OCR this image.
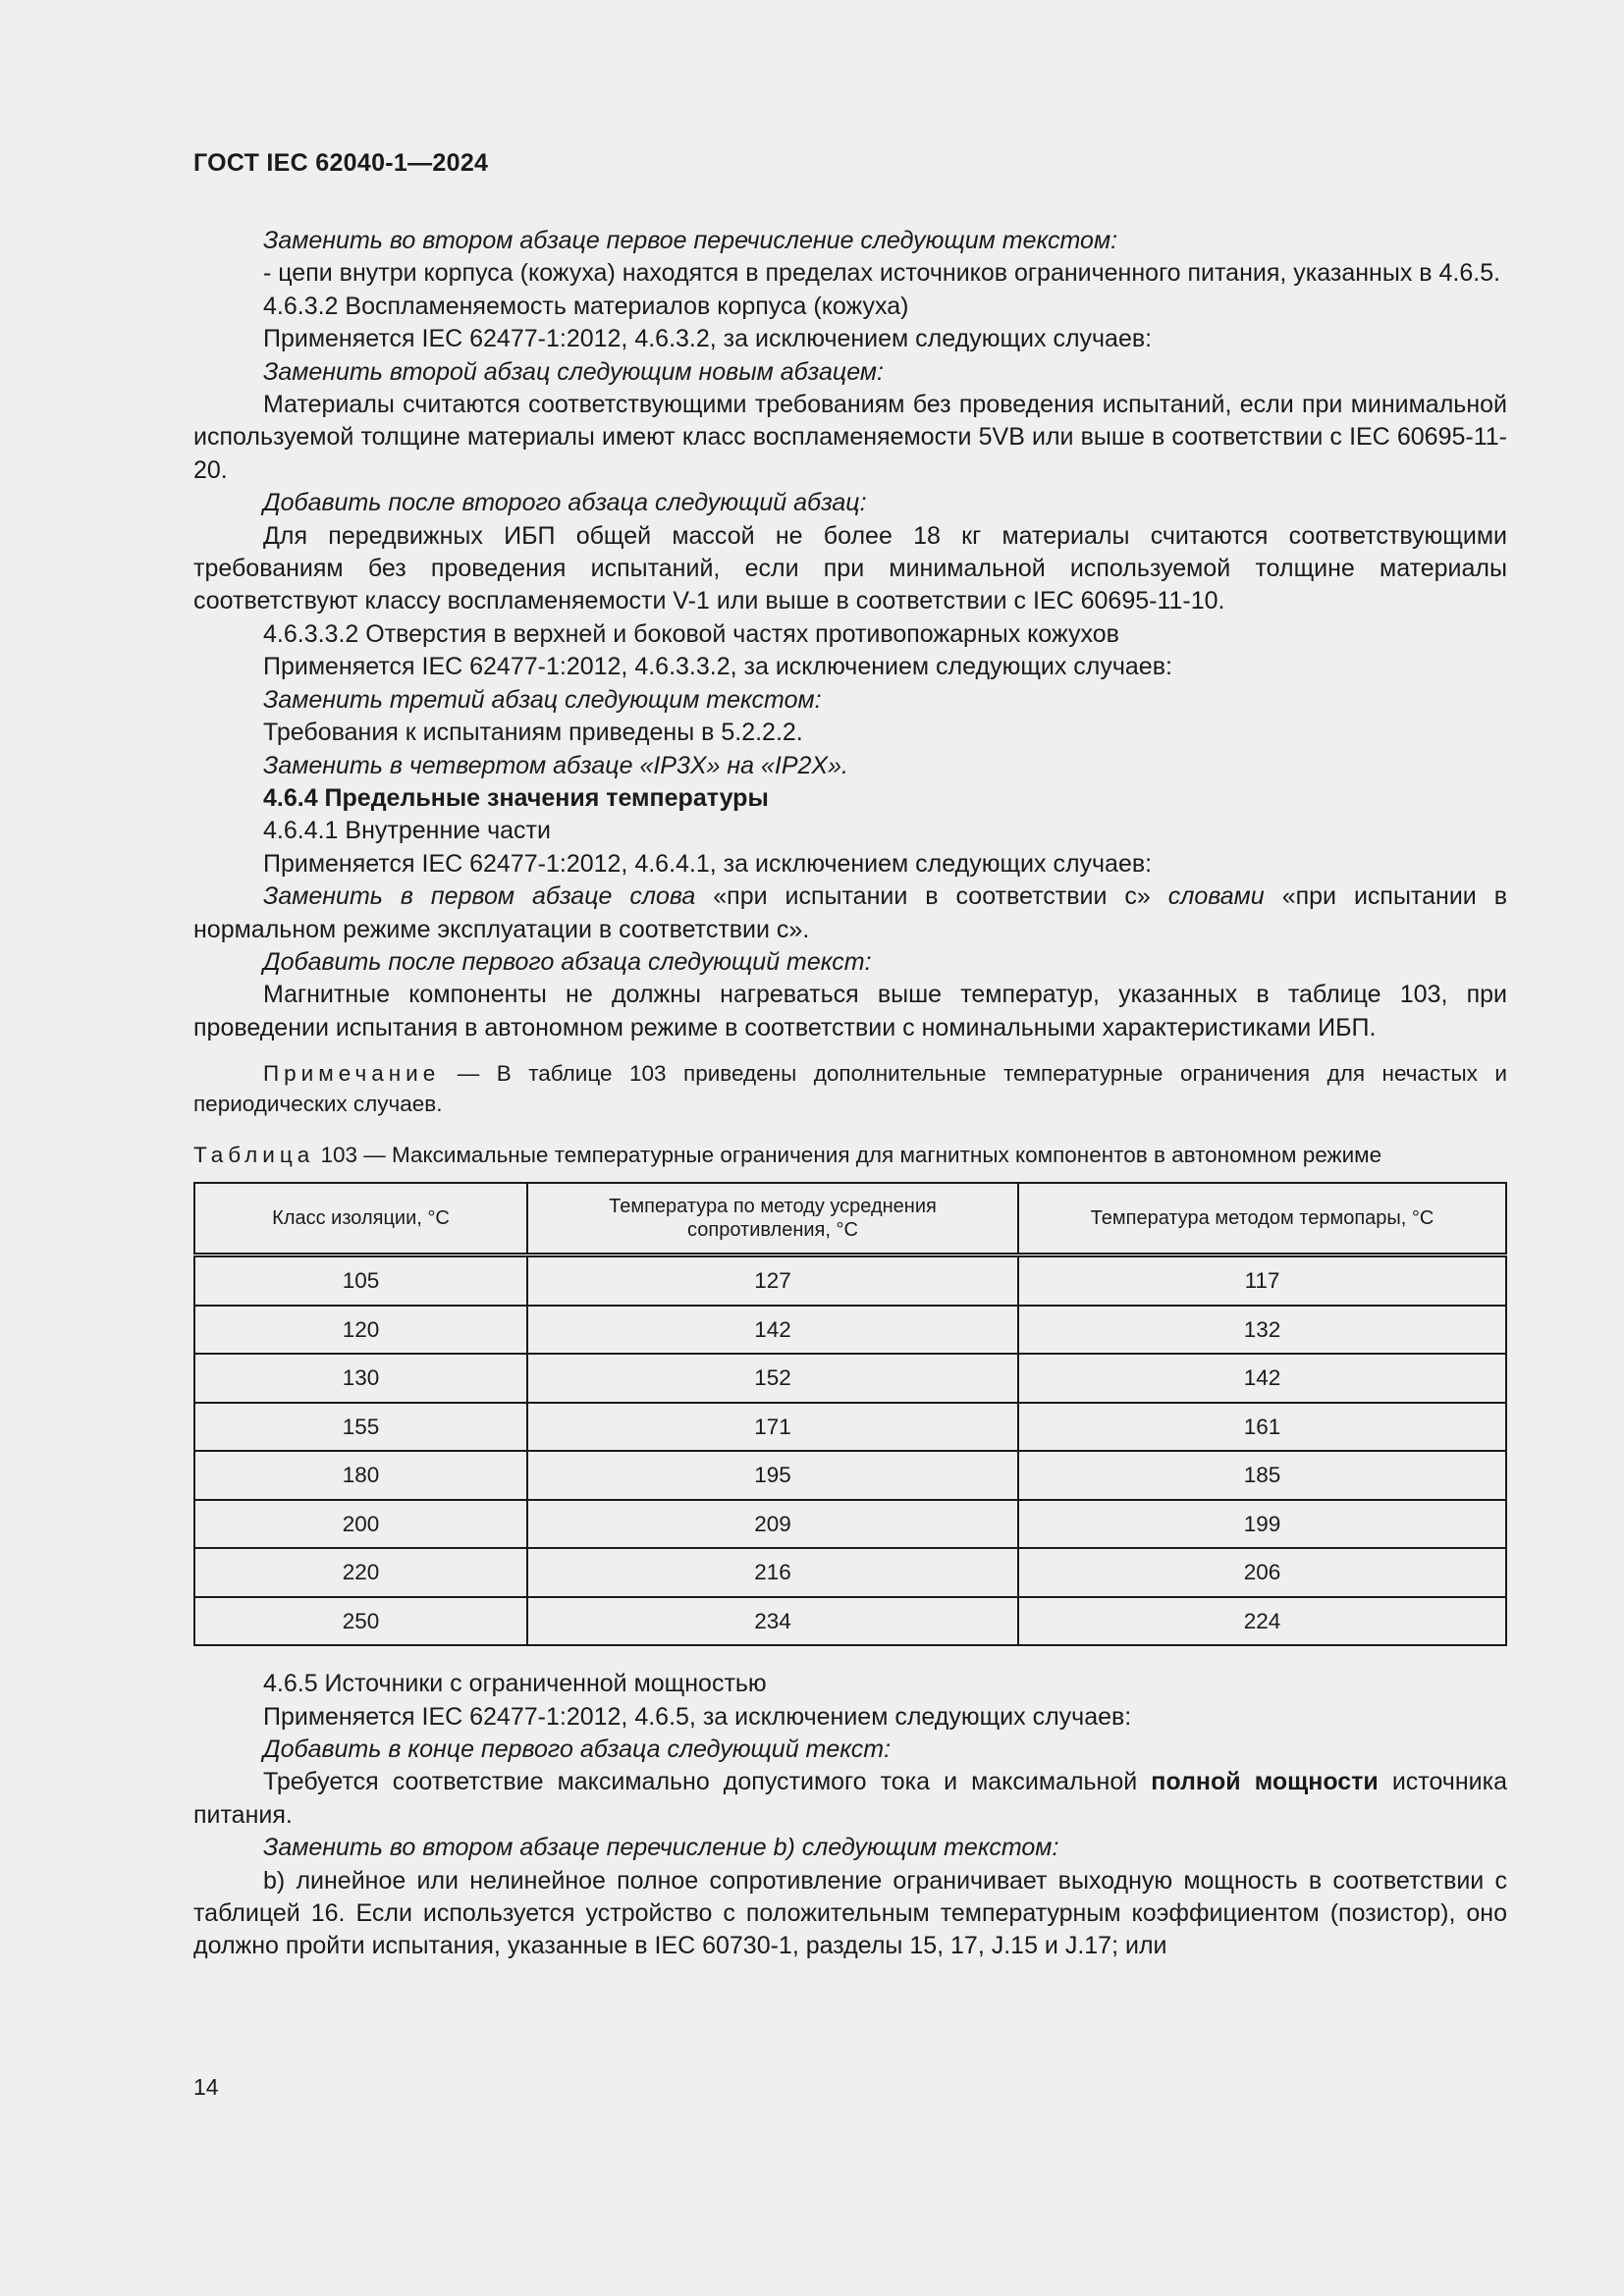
ГОСТ IEC 62040-1—2024

Заменить во втором абзаце первое перечисление следующим текстом:

- цепи внутри корпуса (кожуха) находятся в пределах источников ограниченного питания, указанных в 4.6.5.

4.6.3.2 Воспламеняемость материалов корпуса (кожуха)

Применяется IEC 62477-1:2012, 4.6.3.2, за исключением следующих случаев:

Заменить второй абзац следующим новым абзацем:

Материалы считаются соответствующими требованиям без проведения испытаний, если при минимальной используемой толщине материалы имеют класс воспламеняемости 5VB или выше в соответствии с IEC 60695-11-20.

Добавить после второго абзаца следующий абзац:

Для передвижных ИБП общей массой не более 18 кг материалы считаются соответствующими требованиям без проведения испытаний, если при минимальной используемой толщине материалы соответствуют классу воспламеняемости V-1 или выше в соответствии с IEC 60695-11-10.

4.6.3.3.2 Отверстия в верхней и боковой частях противопожарных кожухов

Применяется IEC 62477-1:2012, 4.6.3.3.2, за исключением следующих случаев:

Заменить третий абзац следующим текстом:

Требования к испытаниям приведены в 5.2.2.2.

Заменить в четвертом абзаце «IP3X» на «IP2X».

4.6.4 Предельные значения температуры

4.6.4.1 Внутренние части

Применяется IEC 62477-1:2012, 4.6.4.1, за исключением следующих случаев:

Заменить в первом абзаце слова «при испытании в соответствии с» словами «при испытании в нормальном режиме эксплуатации в соответствии с».

Добавить после первого абзаца следующий текст:

Магнитные компоненты не должны нагреваться выше температур, указанных в таблице 103, при проведении испытания в автономном режиме в соответствии с номинальными характеристиками ИБП.

Примечание — В таблице 103 приведены дополнительные температурные ограничения для нечастых и периодических случаев.

Таблица 103 — Максимальные температурные ограничения для магнитных компонентов в автономном режиме
Класс изоляции, °С	Температура по методу усреднения сопротивления, °С	Температура методом термопары, °С
105	127	117
120	142	132
130	152	142
155	171	161
180	195	185
200	209	199
220	216	206
250	234	224

4.6.5 Источники с ограниченной мощностью

Применяется IEC 62477-1:2012, 4.6.5, за исключением следующих случаев:

Добавить в конце первого абзаца следующий текст:

Требуется соответствие максимально допустимого тока и максимальной полной мощности источника питания.

Заменить во втором абзаце перечисление b) следующим текстом:

b) линейное или нелинейное полное сопротивление ограничивает выходную мощность в соответствии с таблицей 16. Если используется устройство с положительным температурным коэффициентом (позистор), оно должно пройти испытания, указанные в IEC 60730-1, разделы 15, 17, J.15 и J.17; или

14
